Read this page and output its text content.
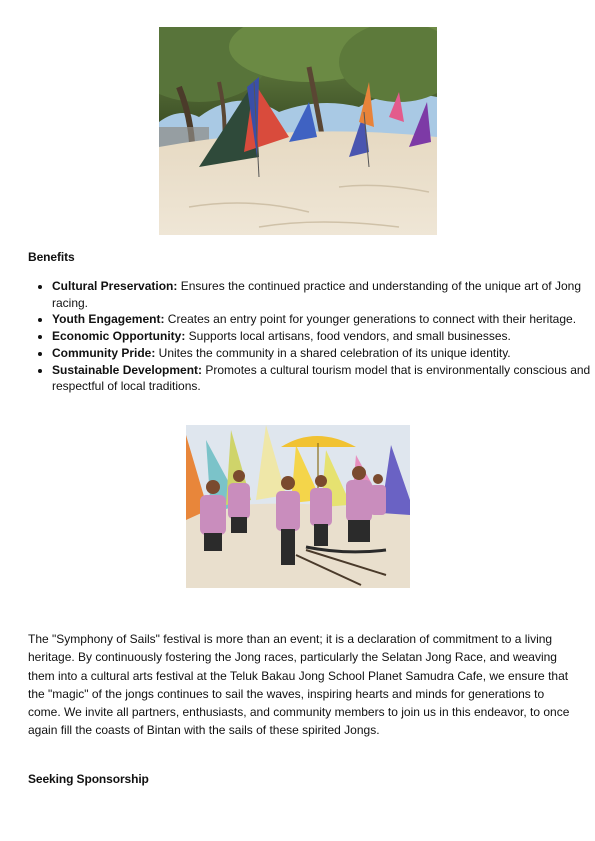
Benefits
• Cultural Preservation: Ensures the continued practice and understanding of the unique art of Jong racing.
• Youth Engagement: Creates an entry point for younger generations to connect with their heritage.
• Economic Opportunity: Supports local artisans, food vendors, and small businesses.
• Community Pride: Unites the community in a shared celebration of its unique identity.
• Sustainable Development: Promotes a cultural tourism model that is environmentally conscious and respectful of local traditions.

The "Symphony of Sails" festival is more than an event; it is a declaration of commitment to a living heritage. By continuously fostering the Jong races, particularly the Selatan Jong Race, and weaving them into a cultural arts festival at the Teluk Bakau Jong School Planet Samudra Cafe, we ensure that the "magic" of the jongs continues to sail the waves, inspiring hearts and minds for generations to come. We invite all partners, enthusiasts, and community members to join us in this endeavor, to once again fill the coasts of Bintan with the sails of these spirited Jongs.

Seeking Sponsorship
